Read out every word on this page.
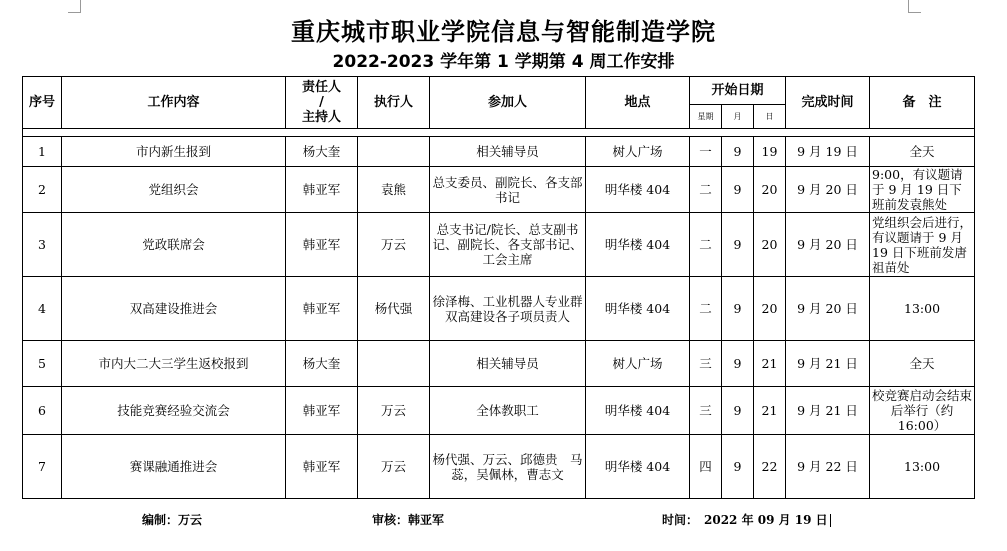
重庆城市职业学院信息与智能制造学院
2022-2023 学年第 1 学期第 4 周工作安排
序号	工作内容	责任人
/
主持人	执行人	参加人	地点	开始日期			完成时间	备　注
						星期	月	日		

1	市内新生报到	杨大奎		相关辅导员	树人广场	一	9	19	9 月 19 日	全天
2	党组织会	韩亚军	袁熊	总支委员、副院长、各支部书记	明华楼 404	二	9	20	9 月 20 日	9:00，有议题请于 9 月 19 日下班前发袁熊处
3	党政联席会	韩亚军	万云	总支书记/院长、总支副书记、副院长、各支部书记、工会主席	明华楼 404	二	9	20	9 月 20 日	党组织会后进行，有议题请于 9 月 19 日下班前发唐祖苗处
4	双高建设推进会	韩亚军	杨代强	徐泽梅、工业机器人专业群双高建设各子项员责人	明华楼 404	二	9	20	9 月 20 日	13:00
5	市内大二大三学生返校报到	杨大奎		相关辅导员	树人广场	三	9	21	9 月 21 日	全天
6	技能竞赛经验交流会	韩亚军	万云	全体教职工	明华楼 404	三	9	21	9 月 21 日	校竞赛启动会结束后举行（约 16:00）
7	赛课融通推进会	韩亚军	万云	杨代强、万云、邱德贵　马蕊，吴佩林，曹志文	明华楼 404	四	9	22	9 月 22 日	13:00
编制：万云	审核：韩亚军	时间：　2022 年 09 月 19 日
